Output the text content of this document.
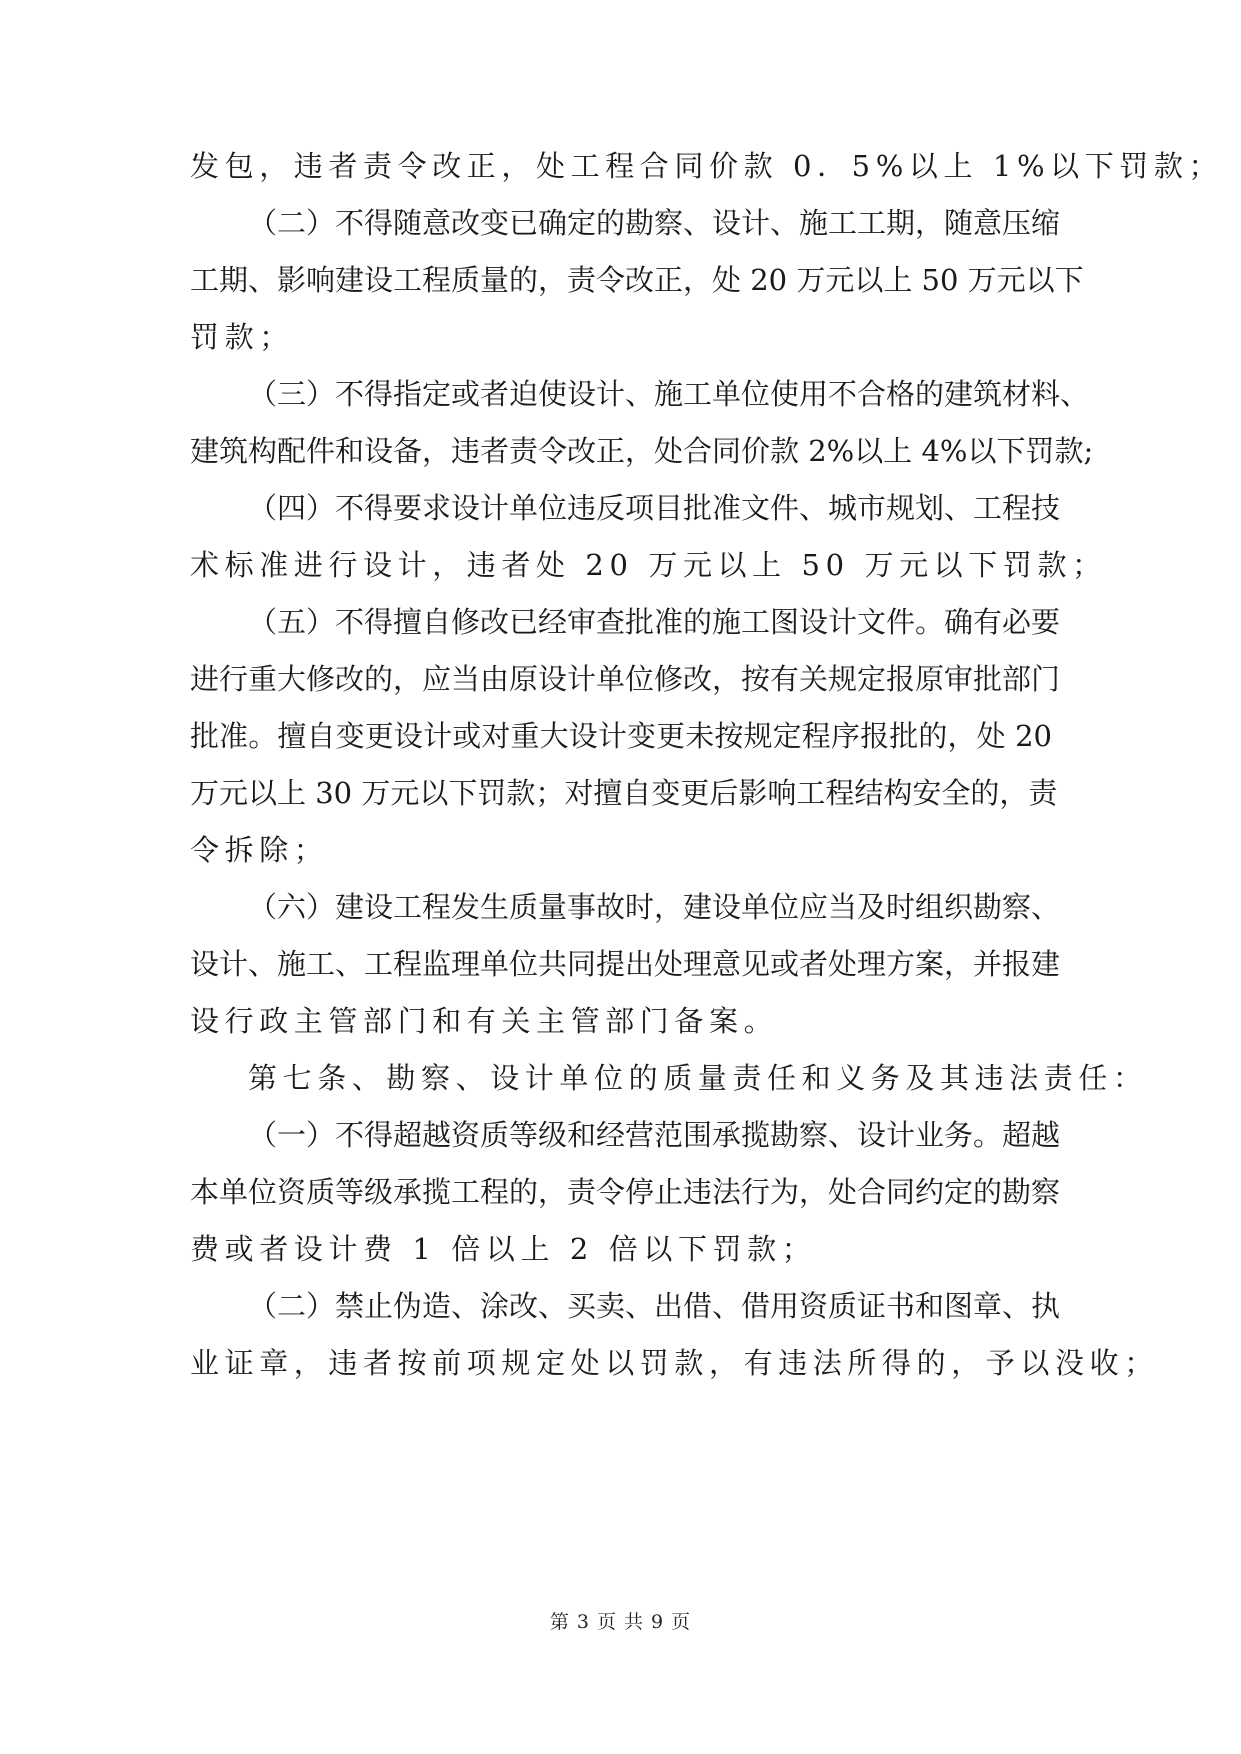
发包，违者责令改正，处工程合同价款 0．5%以上 1%以下罚款；
（二）不得随意改变已确定的勘察、设计、施工工期，随意压缩
工期、影响建设工程质量的，责令改正，处 20 万元以上 50 万元以下
罚款；
（三）不得指定或者迫使设计、施工单位使用不合格的建筑材料、
建筑构配件和设备，违者责令改正，处合同价款 2%以上 4%以下罚款;
（四）不得要求设计单位违反项目批准文件、城市规划、工程技
术标准进行设计，违者处 20 万元以上 50 万元以下罚款；
（五）不得擅自修改已经审查批准的施工图设计文件。确有必要
进行重大修改的，应当由原设计单位修改，按有关规定报原审批部门
批准。擅自变更设计或对重大设计变更未按规定程序报批的，处 20
万元以上 30 万元以下罚款；对擅自变更后影响工程结构安全的，责
令拆除；
（六）建设工程发生质量事故时，建设单位应当及时组织勘察、
设计、施工、工程监理单位共同提出处理意见或者处理方案，并报建
设行政主管部门和有关主管部门备案。
第七条、勘察、设计单位的质量责任和义务及其违法责任：
（一）不得超越资质等级和经营范围承揽勘察、设计业务。超越
本单位资质等级承揽工程的，责令停止违法行为，处合同约定的勘察
费或者设计费 1 倍以上 2 倍以下罚款；
（二）禁止伪造、涂改、买卖、出借、借用资质证书和图章、执
业证章，违者按前项规定处以罚款，有违法所得的，予以没收；
第 3 页 共 9 页
